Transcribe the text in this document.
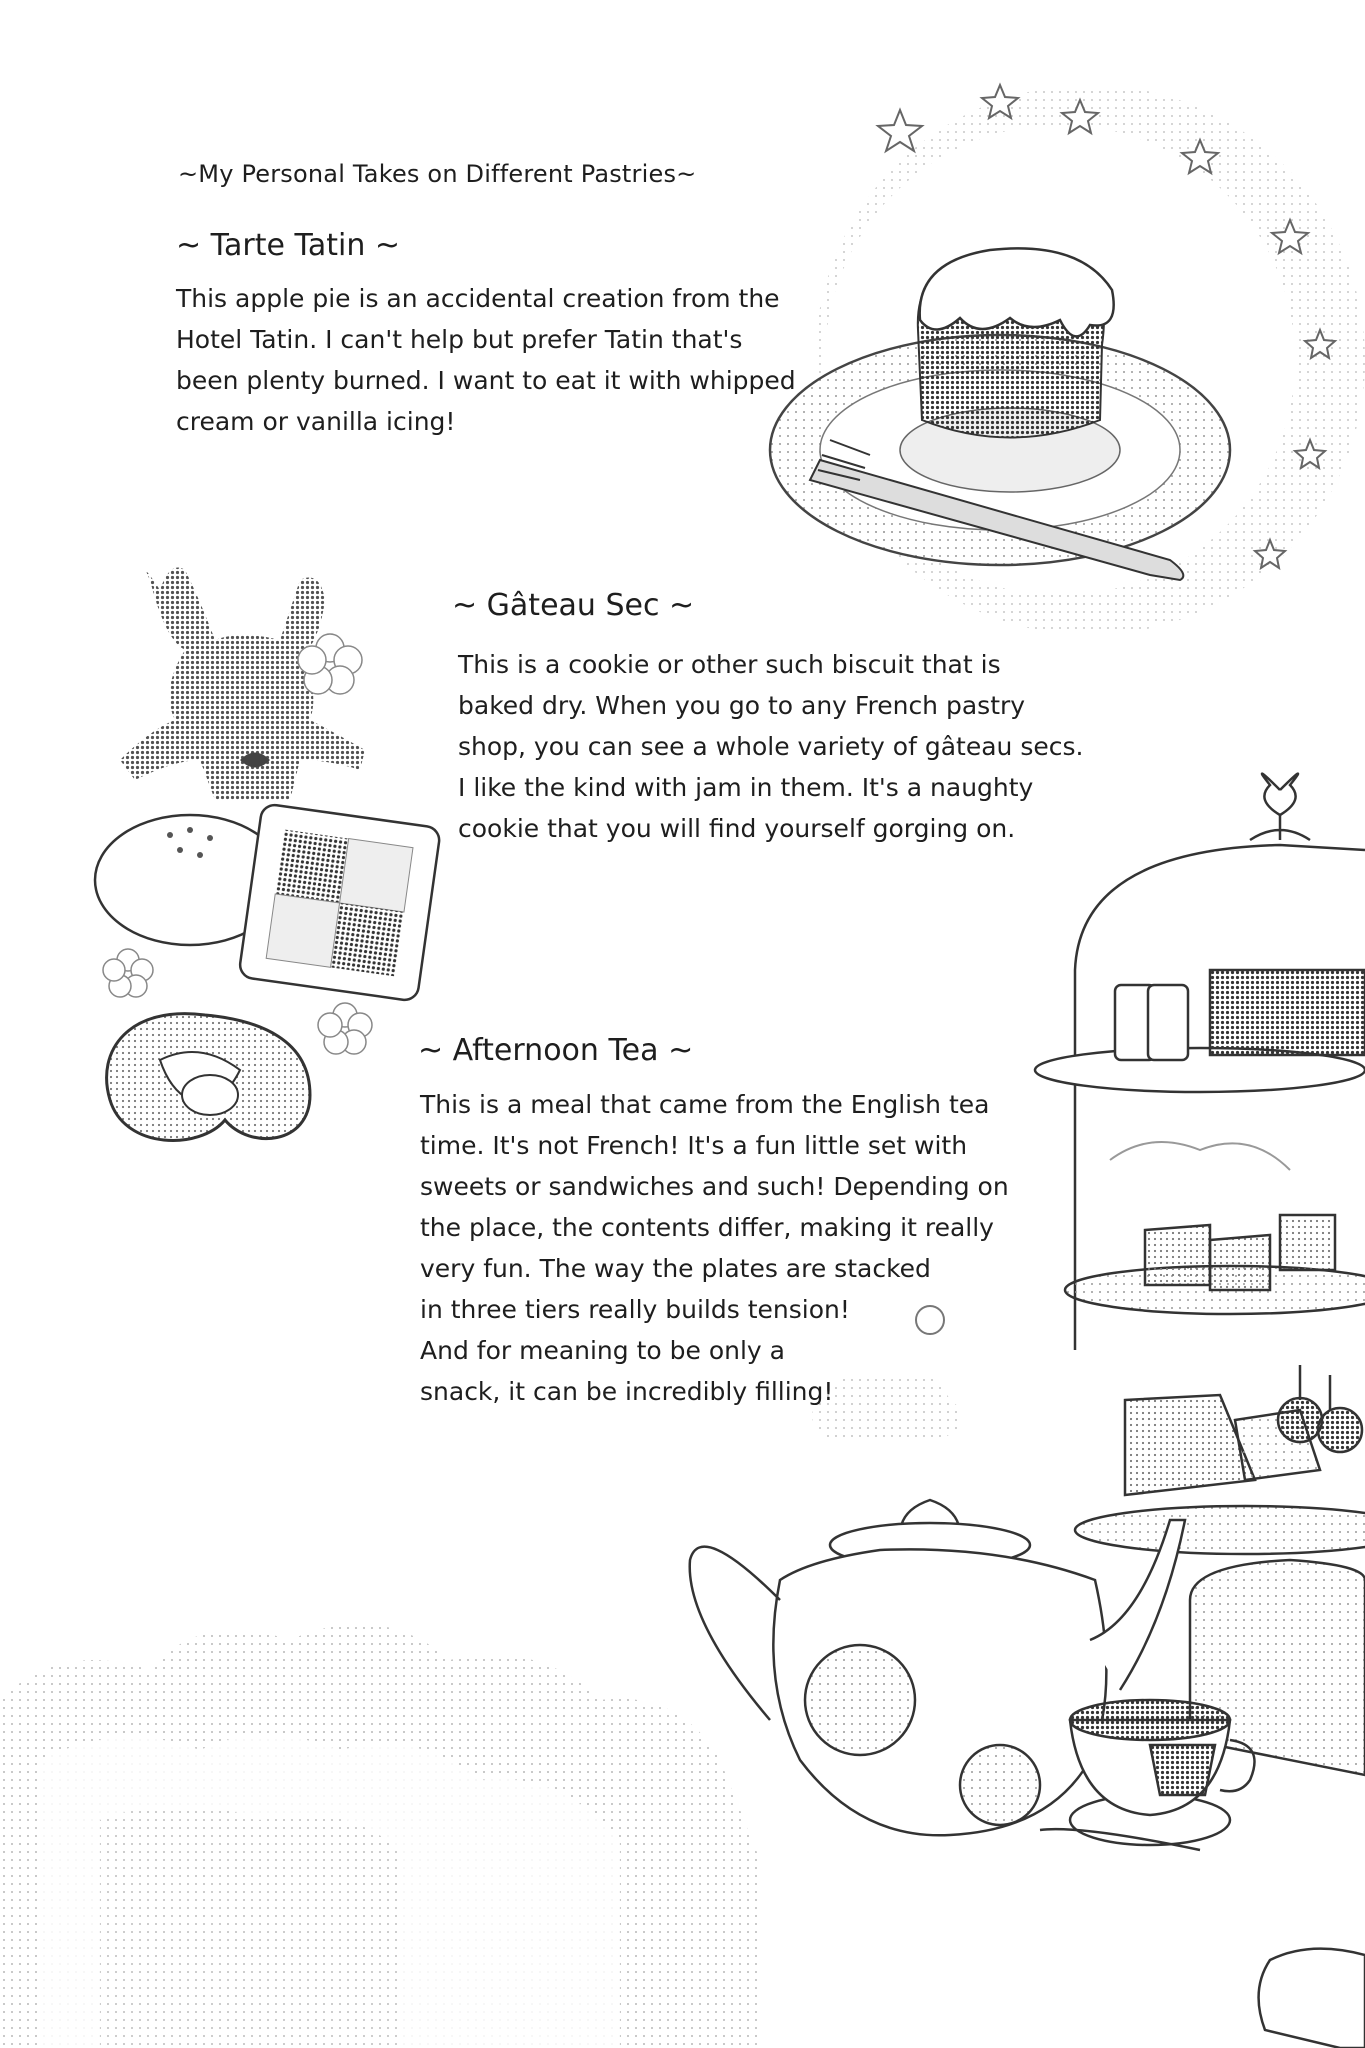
~My Personal Takes on Different Pastries~
~ Tarte Tatin ~
This apple pie is an accidental creation from the
Hotel Tatin. I can't help but prefer Tatin that's
been plenty burned. I want to eat it with whipped
cream or vanilla icing!
~ Gâteau Sec ~
This is a cookie or other such biscuit that is
baked dry. When you go to any French pastry
shop, you can see a whole variety of gâteau secs.
I like the kind with jam in them. It's a naughty
cookie that you will find yourself gorging on.
~ Afternoon Tea ~
This is a meal that came from the English tea
time. It's not French! It's a fun little set with
sweets or sandwiches and such! Depending on
the place, the contents differ, making it really
very fun. The way the plates are stacked
in three tiers really builds tension!
And for meaning to be only a
snack, it can be incredibly filling!
